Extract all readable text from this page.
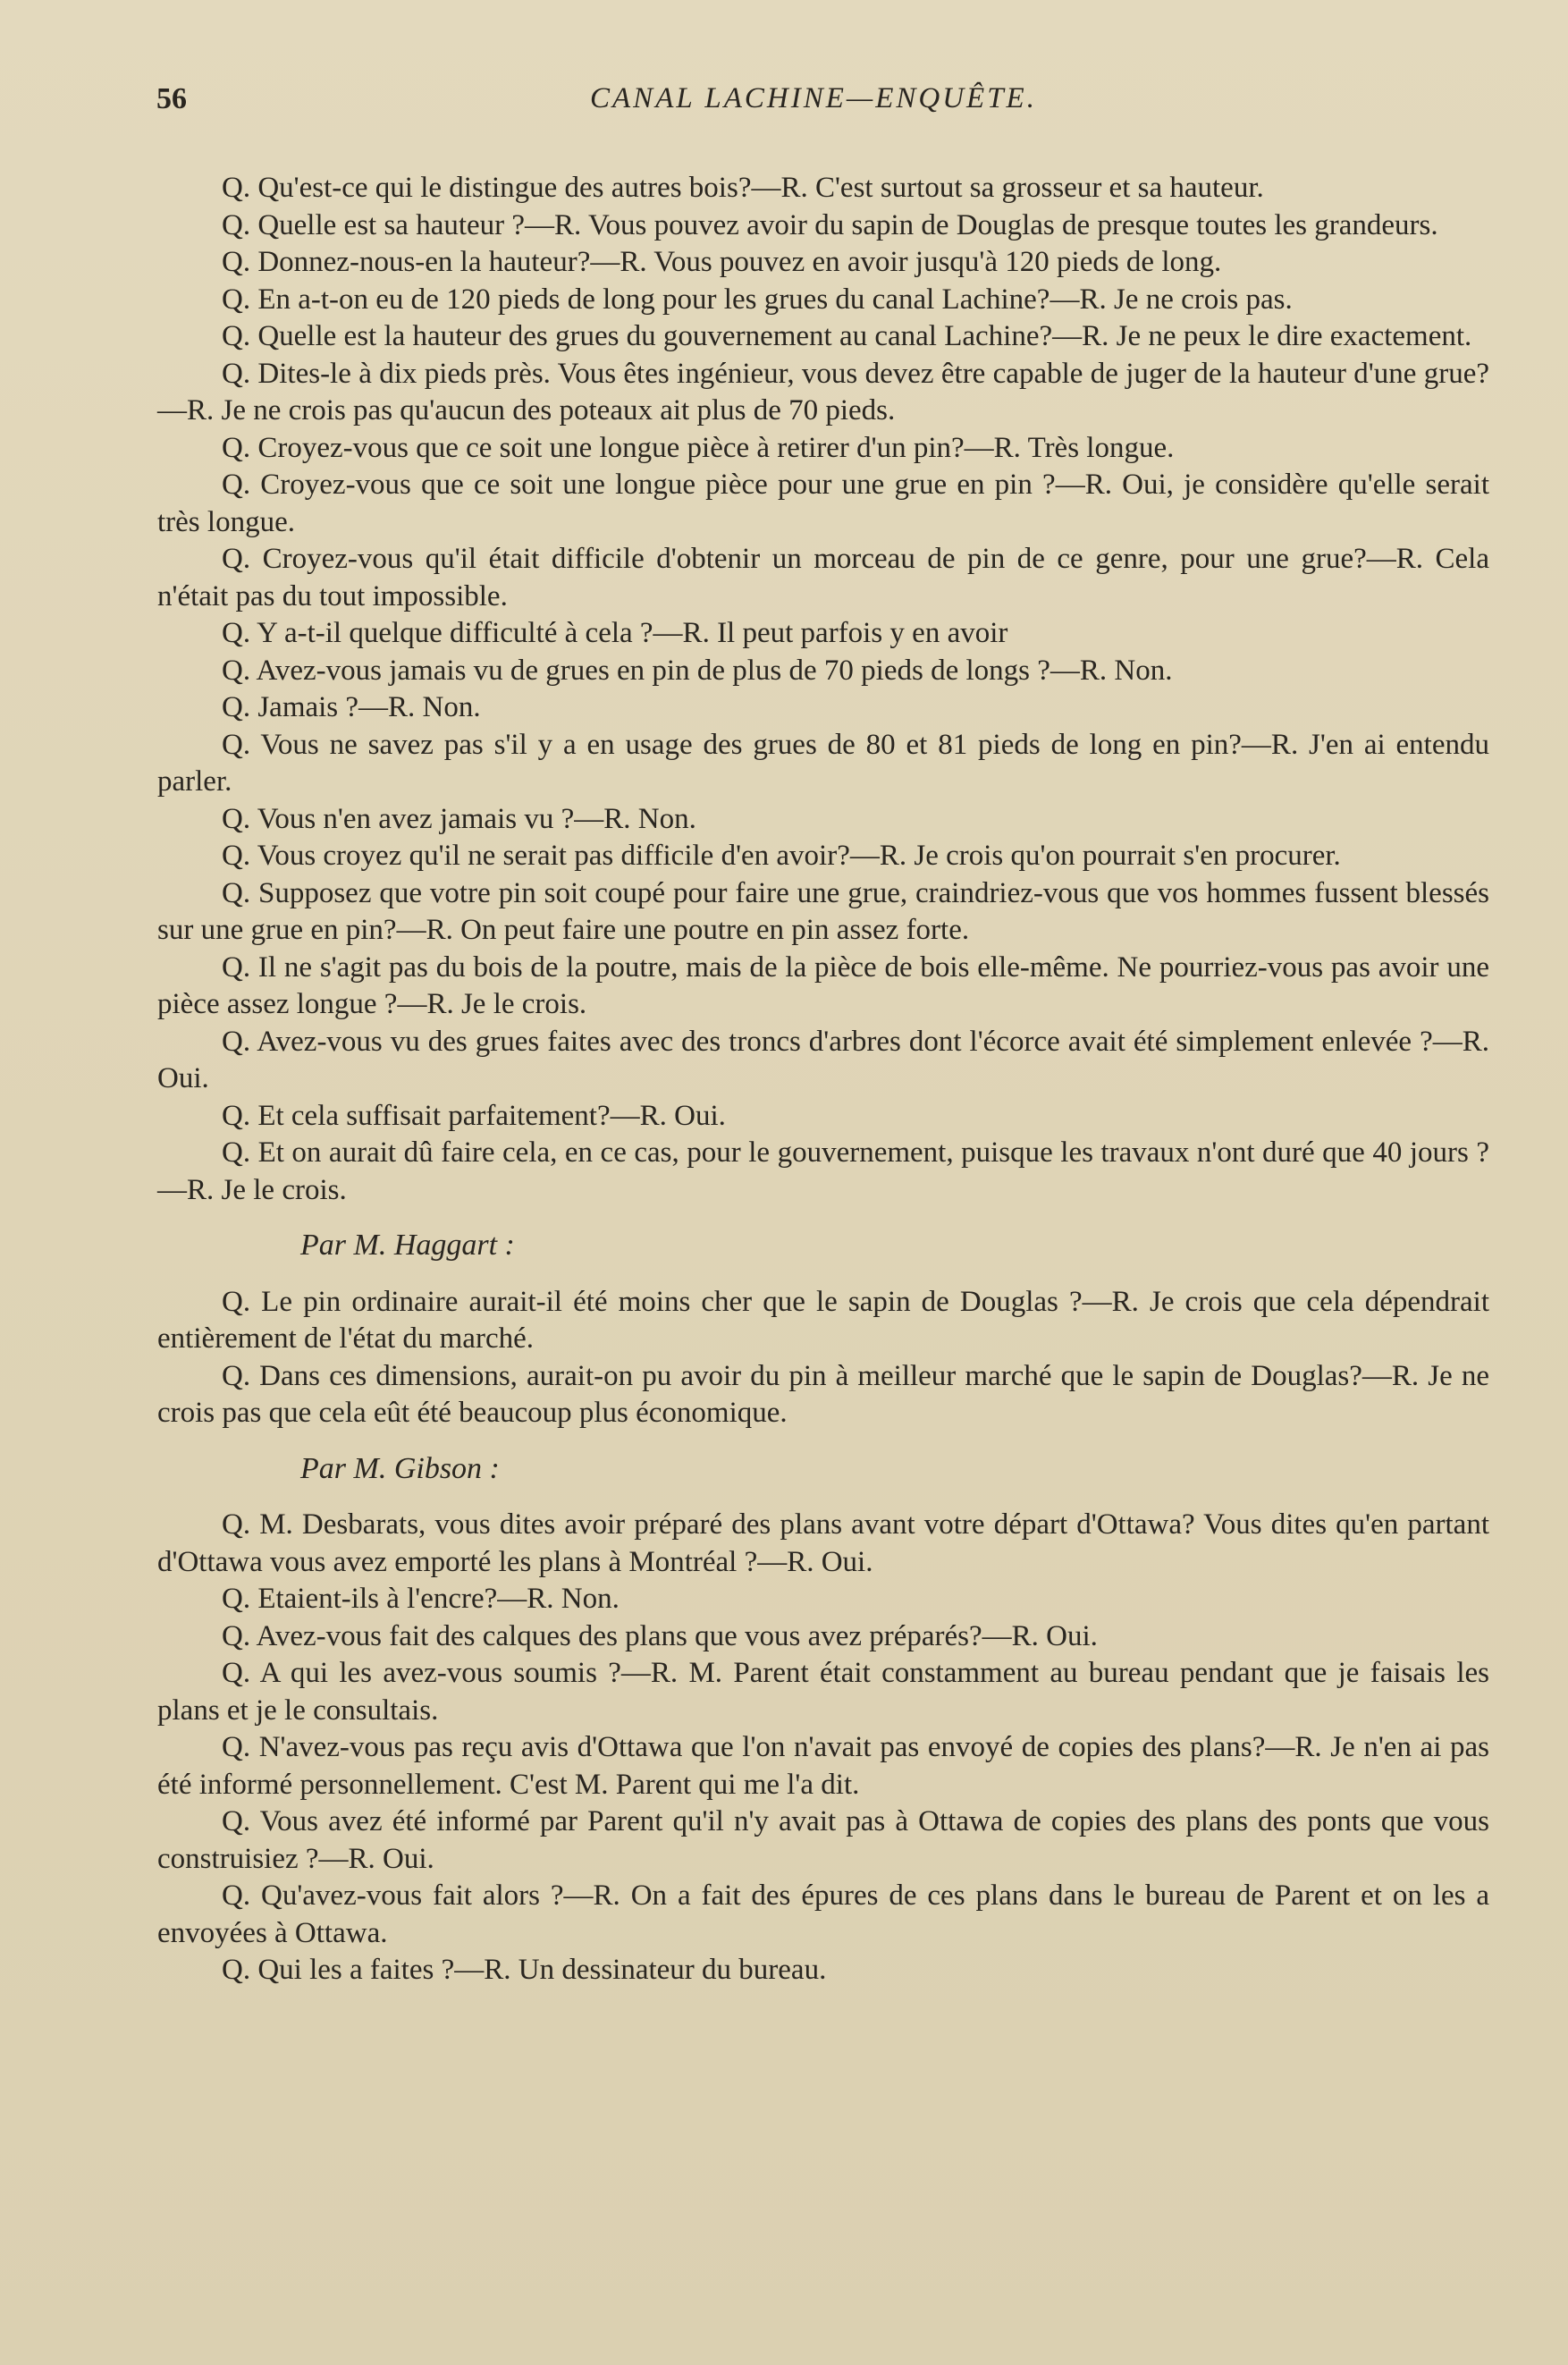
56	CANAL LACHINE—ENQUÊTE.

Q. Qu'est-ce qui le distingue des autres bois?—R. C'est surtout sa grosseur et sa hauteur.

Q. Quelle est sa hauteur ?—R. Vous pouvez avoir du sapin de Douglas de presque toutes les grandeurs.

Q. Donnez-nous-en la hauteur?—R. Vous pouvez en avoir jusqu'à 120 pieds de long.

Q. En a-t-on eu de 120 pieds de long pour les grues du canal Lachine?—R. Je ne crois pas.

Q. Quelle est la hauteur des grues du gouvernement au canal Lachine?—R. Je ne peux le dire exactement.

Q. Dites-le à dix pieds près. Vous êtes ingénieur, vous devez être capable de juger de la hauteur d'une grue?—R. Je ne crois pas qu'aucun des poteaux ait plus de 70 pieds.

Q. Croyez-vous que ce soit une longue pièce à retirer d'un pin?—R. Très longue.

Q. Croyez-vous que ce soit une longue pièce pour une grue en pin ?—R. Oui, je considère qu'elle serait très longue.

Q. Croyez-vous qu'il était difficile d'obtenir un morceau de pin de ce genre, pour une grue?—R. Cela n'était pas du tout impossible.

Q. Y a-t-il quelque difficulté à cela ?—R. Il peut parfois y en avoir

Q. Avez-vous jamais vu de grues en pin de plus de 70 pieds de longs ?—R. Non.

Q. Jamais ?—R. Non.

Q. Vous ne savez pas s'il y a en usage des grues de 80 et 81 pieds de long en pin?—R. J'en ai entendu parler.

Q. Vous n'en avez jamais vu ?—R. Non.

Q. Vous croyez qu'il ne serait pas difficile d'en avoir?—R. Je crois qu'on pourrait s'en procurer.

Q. Supposez que votre pin soit coupé pour faire une grue, craindriez-vous que vos hommes fussent blessés sur une grue en pin?—R. On peut faire une poutre en pin assez forte.

Q. Il ne s'agit pas du bois de la poutre, mais de la pièce de bois elle-même. Ne pourriez-vous pas avoir une pièce assez longue ?—R. Je le crois.

Q. Avez-vous vu des grues faites avec des troncs d'arbres dont l'écorce avait été simplement enlevée ?—R. Oui.

Q. Et cela suffisait parfaitement?—R. Oui.

Q. Et on aurait dû faire cela, en ce cas, pour le gouvernement, puisque les travaux n'ont duré que 40 jours ?—R. Je le crois.

Par M. Haggart :

Q. Le pin ordinaire aurait-il été moins cher que le sapin de Douglas ?—R. Je crois que cela dépendrait entièrement de l'état du marché.

Q. Dans ces dimensions, aurait-on pu avoir du pin à meilleur marché que le sapin de Douglas?—R. Je ne crois pas que cela eût été beaucoup plus économique.

Par M. Gibson :

Q. M. Desbarats, vous dites avoir préparé des plans avant votre départ d'Ottawa? Vous dites qu'en partant d'Ottawa vous avez emporté les plans à Montréal ?—R. Oui.

Q. Etaient-ils à l'encre?—R. Non.

Q. Avez-vous fait des calques des plans que vous avez préparés?—R. Oui.

Q. A qui les avez-vous soumis ?—R. M. Parent était constamment au bureau pendant que je faisais les plans et je le consultais.

Q. N'avez-vous pas reçu avis d'Ottawa que l'on n'avait pas envoyé de copies des plans?—R. Je n'en ai pas été informé personnellement. C'est M. Parent qui me l'a dit.

Q. Vous avez été informé par Parent qu'il n'y avait pas à Ottawa de copies des plans des ponts que vous construisiez ?—R. Oui.

Q. Qu'avez-vous fait alors ?—R. On a fait des épures de ces plans dans le bureau de Parent et on les a envoyées à Ottawa.

Q. Qui les a faites ?—R. Un dessinateur du bureau.
